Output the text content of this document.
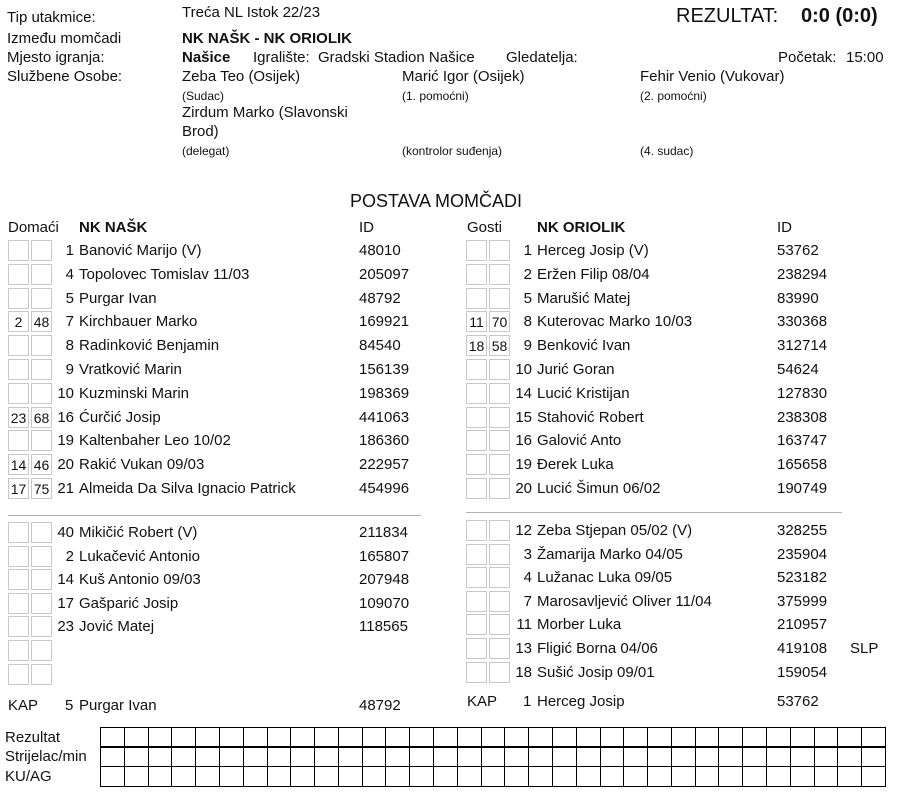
Tip utakmice:	Treća NL Istok 22/23	REZULTAT: 0:0 (0:0)
Između momčadi	NK NAŠK - NK ORIOLIK
Mjesto igranja:	Našice Igralište: Gradski Stadion Našice Gledatelja:	Početak: 15:00
Službene Osobe:	Zeba Teo (Osijek)
(Sudac)
Marić Igor (Osijek)
(1. pomoćni)
Fehir Venio (Vukovar)
(2. pomoćni)
Zirdum Marko (Slavonski
Brod)
(delegat)	(kontrolor suđenja)	(4. sudac)
POSTAVA MOMČADI
Domaći NK NAŠK	ID	Gosti NK ORIOLIK	ID
1 Banović Marijo (V)	48010
4 Topolovec Tomislav 11/03	205097
5 Purgar Ivan	48792
2 48 7 Kirchbauer Marko	169921
8 Radinković Benjamin	84540
9 Vratković Marin	156139
10 Kuzminski Marin	198369
23 68 16 Ćurčić Josip	441063
19 Kaltenbaher Leo 10/02	186360
14 46 20 Rakić Vukan 09/03	222957
17 75 21 Almeida Da Silva Ignacio Patrick	454996
40 Mikičić Robert (V)	211834
2 Lukačević Antonio	165807
14 Kuš Antonio 09/03	207948
17 Gašparić Josip	109070
23 Jović Matej	118565
1 Herceg Josip (V)	53762
2 Eržen Filip 08/04	238294
5 Marušić Matej	83990
11 70 8 Kuterovac Marko 10/03	330368
18 58 9 Benković Ivan	312714
10 Jurić Goran	54624
14 Lucić Kristijan	127830
15 Stahović Robert	238308
16 Galović Anto	163747
19 Đerek Luka	165658
20 Lucić Šimun 06/02	190749
12 Zeba Stjepan 05/02 (V)	328255
3 Žamarija Marko 04/05	235904
4 Lužanac Luka 09/05	523182
7 Marosavljević Oliver 11/04	375999
11 Morber Luka	210957
13 Fligić Borna 04/06	419108 SLP
18 Sušić Josip 09/01	159054
KAP 5 Purgar Ivan	48792	KAP 1 Herceg Josip	53762
Rezultat
Strijelac/min
KU/AG
